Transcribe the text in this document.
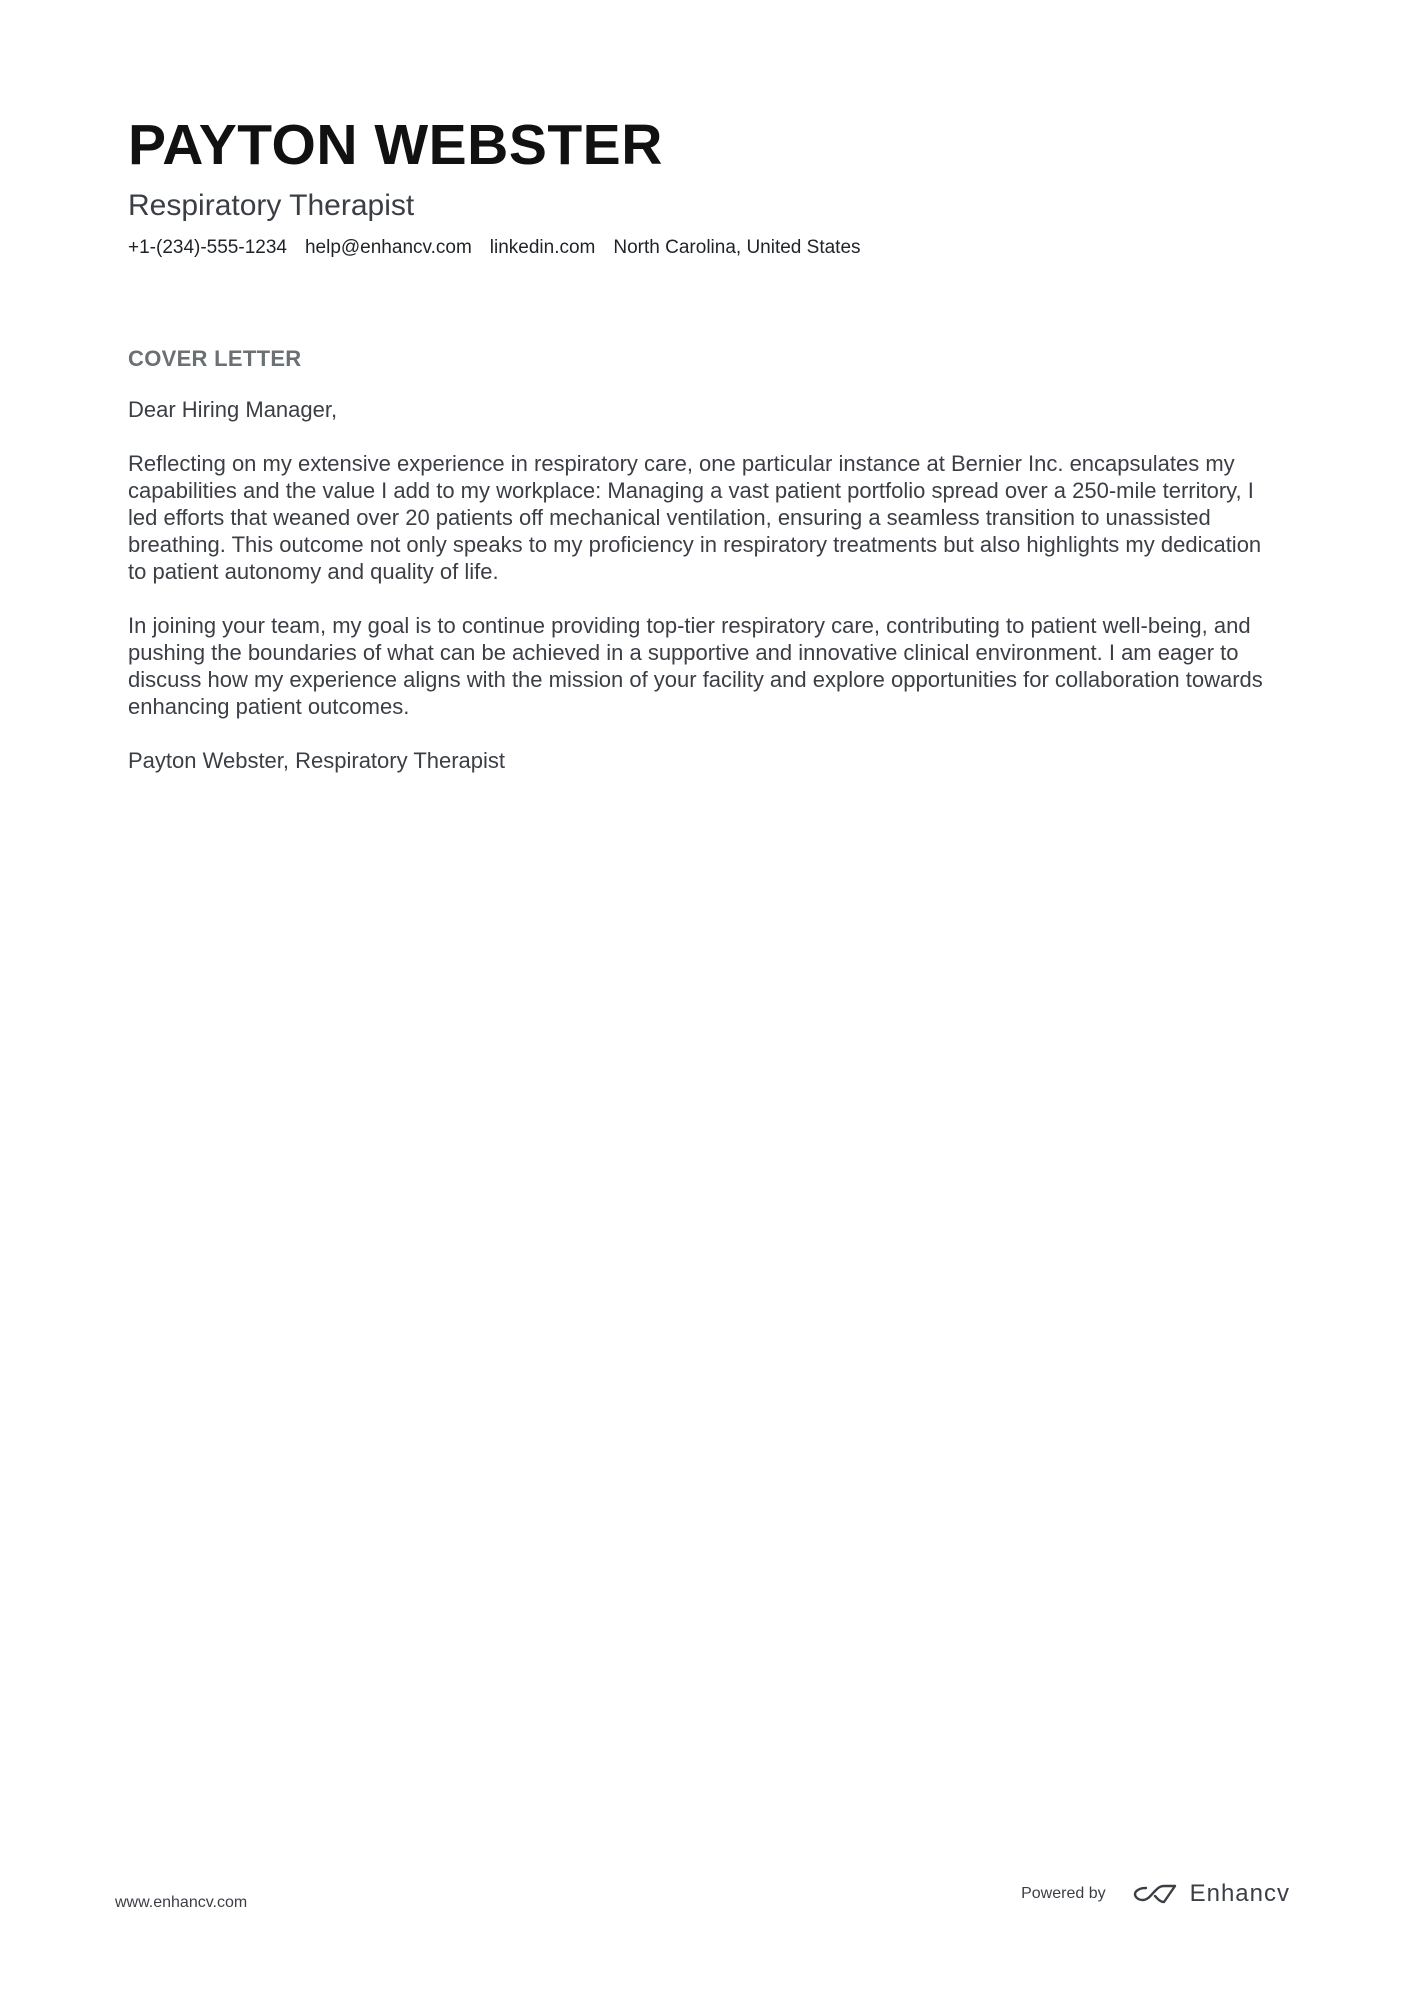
PAYTON WEBSTER
Respiratory Therapist
+1-(234)-555-1234 help@enhancv.com linkedin.com North Carolina, United States
COVER LETTER

Dear Hiring Manager,

Reflecting on my extensive experience in respiratory care, one particular instance at Bernier Inc. encapsulates my capabilities and the value I add to my workplace: Managing a vast patient portfolio spread over a 250-mile territory, I led efforts that weaned over 20 patients off mechanical ventilation, ensuring a seamless transition to unassisted breathing. This outcome not only speaks to my proficiency in respiratory treatments but also highlights my dedication to patient autonomy and quality of life.

In joining your team, my goal is to continue providing top-tier respiratory care, contributing to patient well-being, and pushing the boundaries of what can be achieved in a supportive and innovative clinical environment. I am eager to discuss how my experience aligns with the mission of your facility and explore opportunities for collaboration towards enhancing patient outcomes.

Payton Webster, Respiratory Therapist

www.enhancv.com
Powered by	Enhancv
